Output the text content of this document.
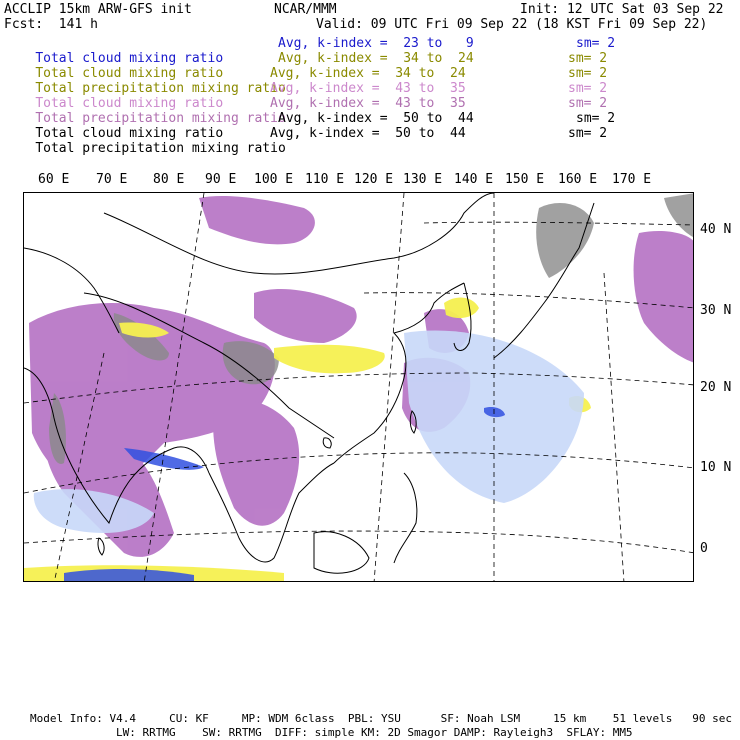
ACCLIP 15km ARW-GFS init	NCAR/MMM	Init: 12 UTC Sat 03 Sep 22
Fcst:  141 h	Valid: 09 UTC Fri 09 Sep 22 (18 KST Fri 09 Sep 22)

Total cloud mixing ratio
Avg, k-index =  23 to   9	sm= 2

Total cloud mixing ratio
Avg, k-index =  34 to  24	sm= 2

Total precipitation mixing ratio
Avg, k-index =  34 to  24	sm= 2

Total cloud mixing ratio
Avg, k-index =  43 to  35	sm= 2

Total precipitation mixing ratio
Avg, k-index =  43 to  35	sm= 2

Total cloud mixing ratio
Avg, k-index =  50 to  44	sm= 2

Total precipitation mixing ratio
Avg, k-index =  50 to  44	sm= 2
60 E 70 E 80 E 90 E 100 E 110 E 120 E 130 E 140 E 150 E 160 E 170 E
40 N
30 N
20 N
10 N
0
Model Info: V4.4     CU: KF     MP: WDM 6class  PBL: YSU      SF: Noah LSM     15 km    51 levels   90 sec
LW: RRTMG    SW: RRTMG  DIFF: simple KM: 2D Smagor DAMP: Rayleigh3  SFLAY: MM5
